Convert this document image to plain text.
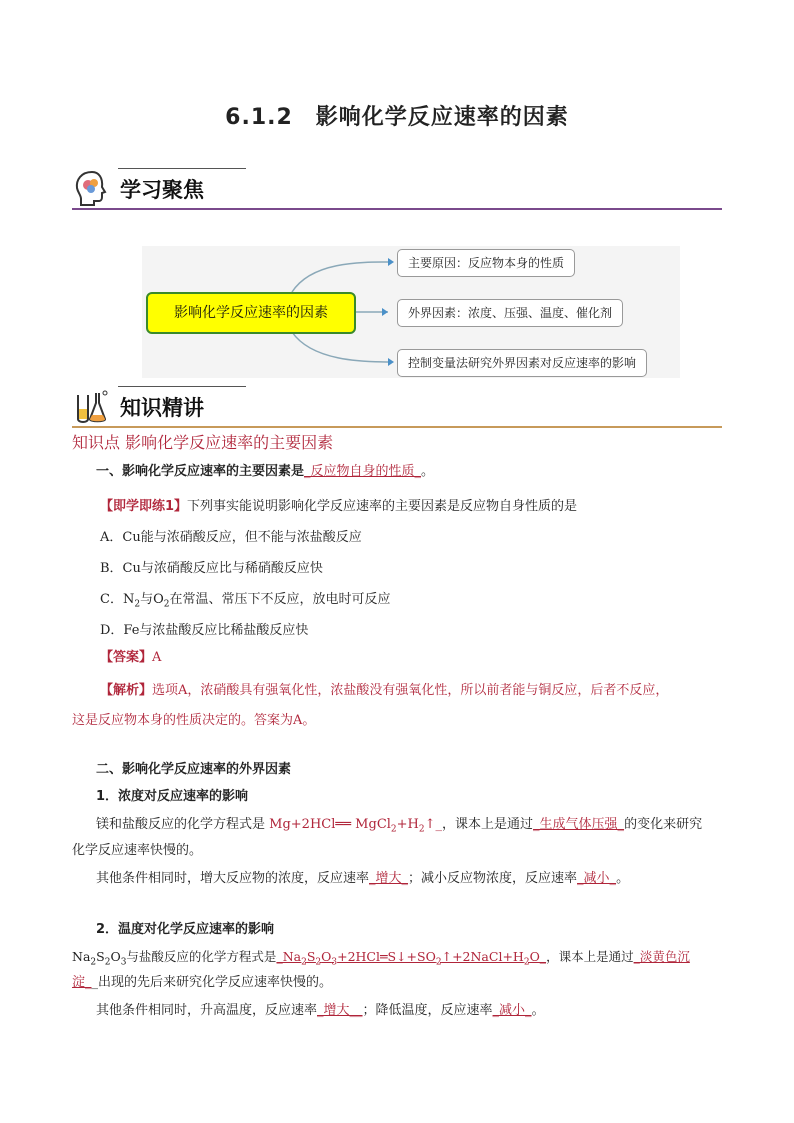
6.1.2　影响化学反应速率的因素
学习聚焦
影响化学反应速率的因素
主要原因：反应物本身的性质
外界因素：浓度、压强、温度、催化剂
控制变量法研究外界因素对反应速率的影响
知识精讲
知识点 影响化学反应速率的主要因素
一、影响化学反应速率的主要因素是_反应物自身的性质_。
【即学即练1】下列事实能说明影响化学反应速率的主要因素是反应物自身性质的是
A．Cu能与浓硝酸反应，但不能与浓盐酸反应
B．Cu与浓硝酸反应比与稀硝酸反应快
C．$N_2$与$O_2$在常温、常压下不反应，放电时可反应
D．Fe与浓盐酸反应比稀盐酸反应快
【答案】A
【解析】选项A，浓硝酸具有强氧化性，浓盐酸没有强氧化性，所以前者能与铜反应，后者不反应，
这是反应物本身的性质决定的。答案为A。
二、影响化学反应速率的外界因素
1．浓度对反应速率的影响
镁和盐酸反应的化学方程式是 Mg+2HCl══ $MgCl_2+H_2↑\_$，课本上是通过_生成气体压强_的变化来研究
化学反应速率快慢的。
其他条件相同时，增大反应物的浓度，反应速率_增大_；减小反应物浓度，反应速率_减小_。
2．温度对化学反应速率的影响
$Na_2S_2O_3$与盐酸反应的化学方程式是$\_Na_2S_2O_3+2HCl═S↓+SO_2↑+2NaCl+H_2O\_$，课本上是通过_淡黄色沉
淀__出现的先后来研究化学反应速率快慢的。
其他条件相同时，升高温度，反应速率_增大__；降低温度，反应速率_减小_。
